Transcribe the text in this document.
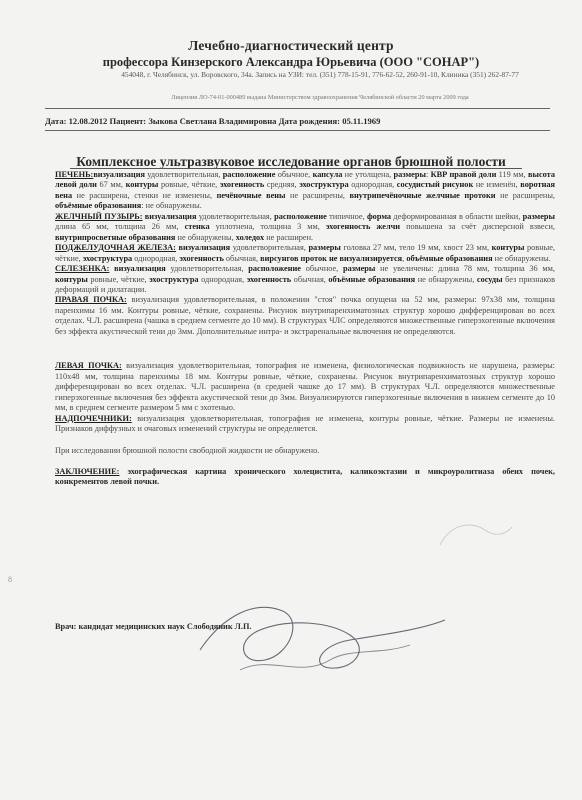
Лечебно-диагностический центр
профессора Кинзерского Александра Юрьевича (ООО "СОНАР")
454048, г. Челябинск, ул. Воровского, 34а. Запись на УЗИ: тел. (351) 778-15-91, 776-62-52, 260-91-10, Клиника (351) 262-87-77
Лицензия ЛО-74-01-000489 выдана Министерством здравоохранения Челябинской области 20 марта 2009 года
Дата: 12.08.2012 Пациент: Зыкова Светлана Владимировна Дата рождения: 05.11.1969
Комплексное ультразвуковое исследование органов брюшной полости

ПЕЧЕНЬ:визуализация удовлетворительная, расположение обычное, капсула не утолщена, размеры: КВР правой доли 119 мм, высота левой доли 67 мм, контуры ровные, чёткие, эхогенность средняя, эхоструктура однородная, сосудистый рисунок не изменён, воротная вена не расширена, стенки не изменены, печёночные вены не расширены, внутрипечёночные желчные протоки не расширены, объёмные образования: не обнаружены.

ЖЕЛЧНЫЙ ПУЗЫРЬ: визуализация удовлетворительная, расположение типичное, форма деформированная в области шейки, размеры длина 65 мм, толщина 26 мм, стенка уплотнена, толщина 3 мм, эхогенность желчи повышена за счёт дисперсной взвеси, внутрипросветные образования не обнаружены, холедох не расширен.

ПОДЖЕЛУДОЧНАЯ ЖЕЛЕЗА: визуализация удовлетворительная, размеры головка 27 мм, тело 19 мм, хвост 23 мм, контуры ровные, чёткие, эхоструктура однородная, эхогенность обычная, вирсунгов проток не визуализируется, объёмные образования не обнаружены.

СЕЛЕЗЕНКА: визуализация удовлетворительная, расположение обычное, размеры не увеличены: длина 78 мм, толщина 36 мм, контуры ровные, чёткие, эхоструктура однородная, эхогенность обычная, объёмные образования не обнаружены, сосуды без признаков деформаций и дилатации.

ПРАВАЯ ПОЧКА: визуализация удовлетворительная, в положении "стоя" почка опущена на 52 мм, размеры: 97х38 мм, толщина паренхимы 16 мм. Контуры ровные, чёткие, сохранены. Рисунок внутрипаренхиматозных структур хорошо дифференцирован во всех отделах. Ч.Л. расширена (чашка в среднем сегменте до 10 мм). В структурах ЧЛС определяются множественные гиперэхогенные включения без эффекта акустической тени до 3мм. Дополнительные интра- и экстраренальные включения не определяются.

ЛЕВАЯ ПОЧКА: визуализация удовлетворительная, топография не изменена, физиологическая подвижность не нарушена, размеры: 110х48 мм, толщина паренхимы 18 мм. Контуры ровные, чёткие, сохранены. Рисунок внутрипаренхиматозных структур хорошо дифференцирован во всех отделах. Ч.Л. расширена (в средней чашке до 17 мм). В структурах Ч.Л. определяются множественные гиперэхогенные включения без эффекта акустической тени до 3мм. Визуализируются гиперэхогенные включения в нижнем сегменте до 10 мм, в среднем сегменте размером 5 мм с эхотенью.

НАДПОЧЕЧНИКИ: визуализация удовлетворительная, топография не изменена, контуры ровные, чёткие. Размеры не изменены. Признаков диффузных и очаговых изменений структуры не определяется.

При исследовании брюшной полости свободной жидкости не обнаружено.

ЗАКЛЮЧЕНИЕ: эхографическая картина хронического холецистита, каликоэктазии и микроуролитиаза обеих почек, конкрементов левой почки.

Врач: кандидат медицинских наук Слободяник Л.П.
8
